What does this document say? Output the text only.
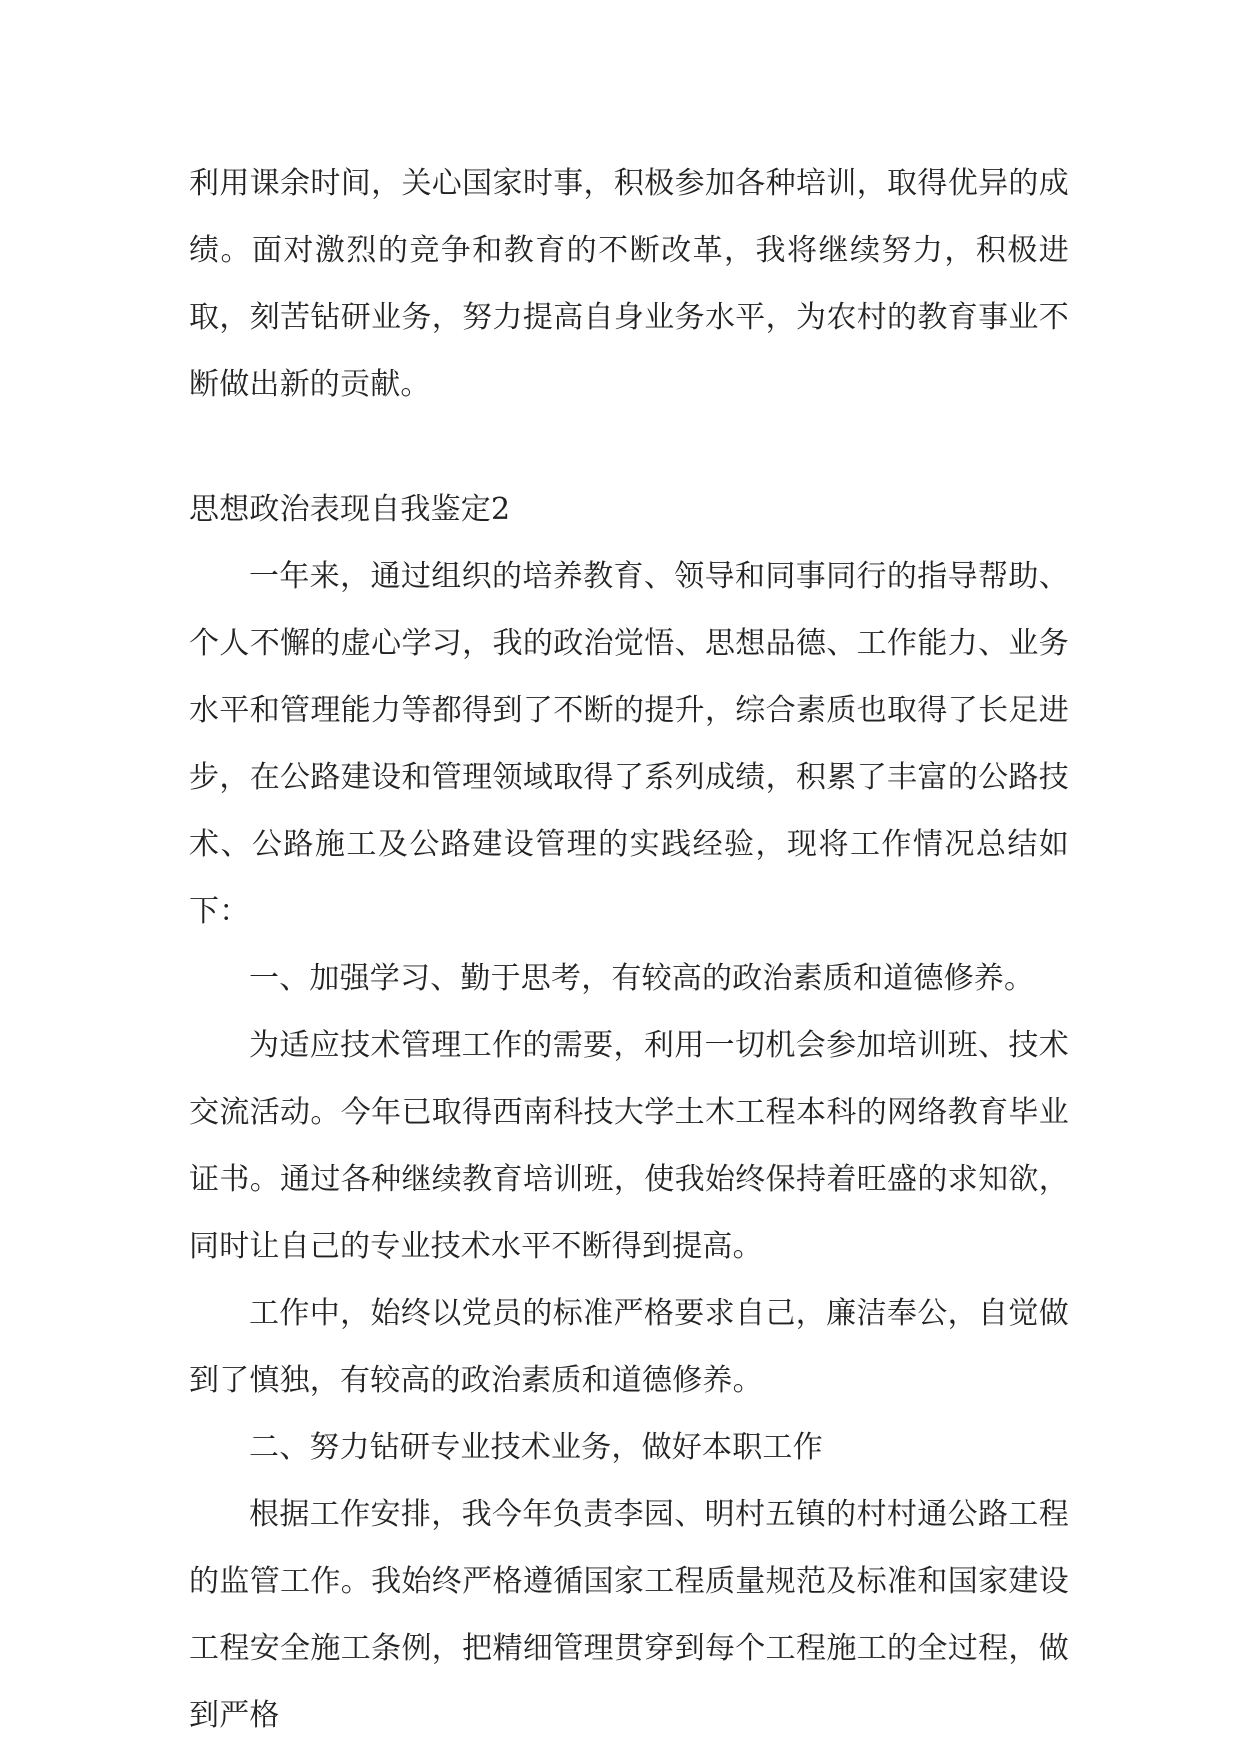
利用课余时间，关心国家时事，积极参加各种培训，取得优异的成绩。面对激烈的竞争和教育的不断改革，我将继续努力，积极进取，刻苦钻研业务，努力提高自身业务水平，为农村的教育事业不断做出新的贡献。
思想政治表现自我鉴定2

一年来，通过组织的培养教育、领导和同事同行的指导帮助、个人不懈的虚心学习，我的政治觉悟、思想品德、工作能力、业务水平和管理能力等都得到了不断的提升，综合素质也取得了长足进步，在公路建设和管理领域取得了系列成绩，积累了丰富的公路技术、公路施工及公路建设管理的实践经验，现将工作情况总结如下：

一、加强学习、勤于思考，有较高的政治素质和道德修养。

为适应技术管理工作的需要，利用一切机会参加培训班、技术交流活动。今年已取得西南科技大学土木工程本科的网络教育毕业证书。通过各种继续教育培训班，使我始终保持着旺盛的求知欲，同时让自己的专业技术水平不断得到提高。

工作中，始终以党员的标准严格要求自己，廉洁奉公，自觉做到了慎独，有较高的政治素质和道德修养。

二、努力钻研专业技术业务，做好本职工作

根据工作安排，我今年负责李园、明村五镇的村村通公路工程的监管工作。我始终严格遵循国家工程质量规范及标准和国家建设工程安全施工条例，把精细管理贯穿到每个工程施工的全过程，做到严格
